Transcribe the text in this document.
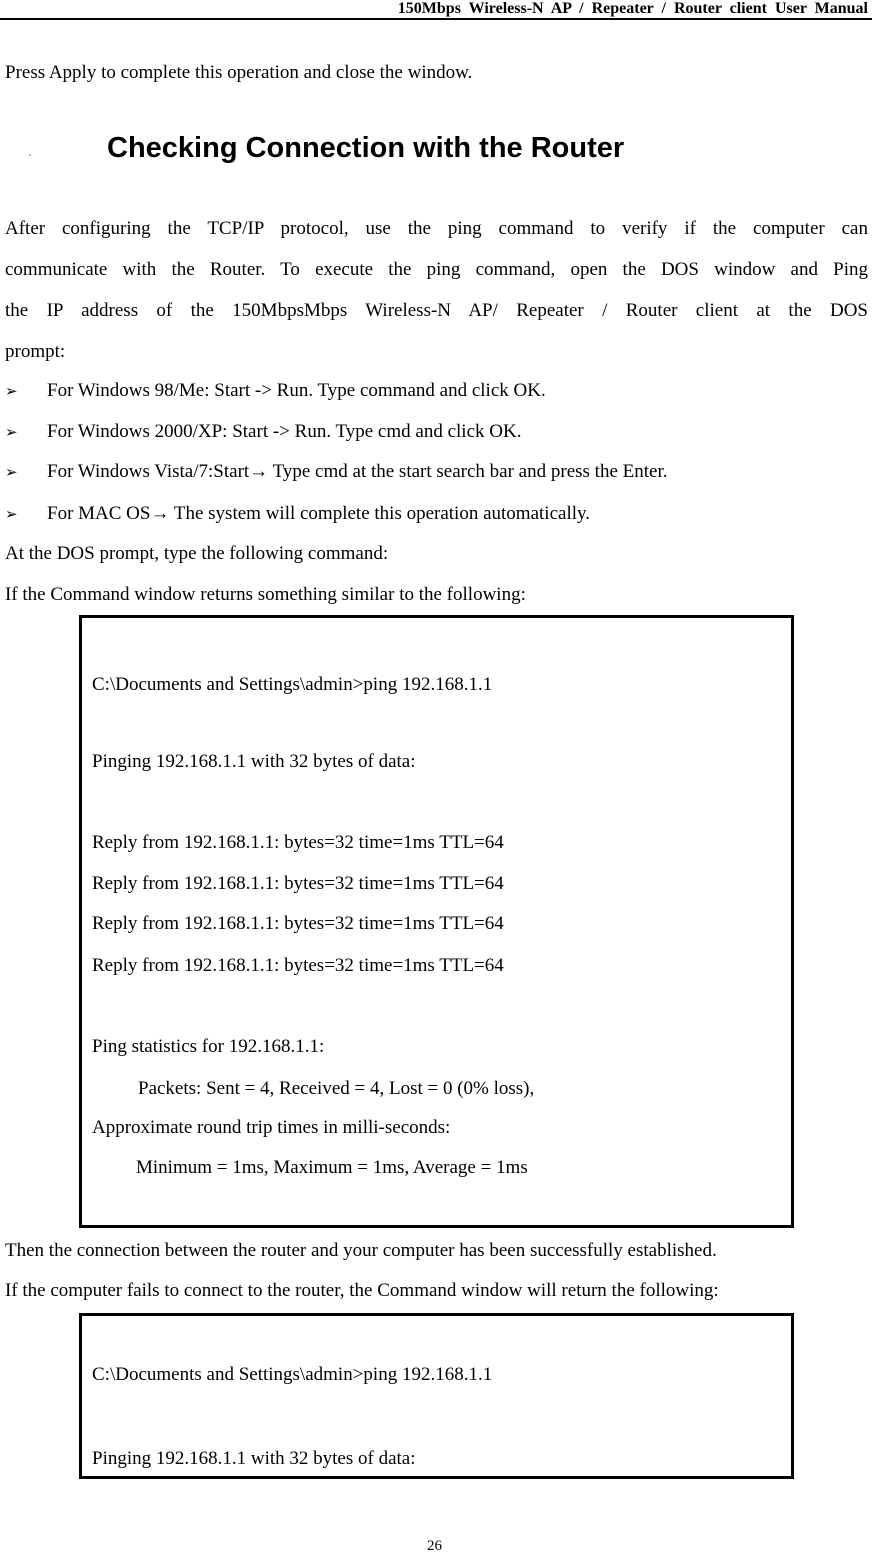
150Mbps Wireless-N AP / Repeater / Router client User Manual
Press Apply to complete this operation and close the window.
Checking Connection with the Router
After configuring the TCP/IP protocol, use the ping command to verify if the computer can
communicate with the Router. To execute the ping command, open the DOS window and Ping
the IP address of the 150MbpsMbps Wireless-N AP/ Repeater / Router client at the DOS
prompt:
➢ For Windows 98/Me: Start -> Run. Type command and click OK.
➢ For Windows 2000/XP: Start -> Run. Type cmd and click OK.
➢ For Windows Vista/7:Start→ Type cmd at the start search bar and press the Enter.
➢ For MAC OS→ The system will complete this operation automatically.
At the DOS prompt, type the following command:
If the Command window returns something similar to the following:
C:\Documents and Settings\admin>ping 192.168.1.1
Pinging 192.168.1.1 with 32 bytes of data:
Reply from 192.168.1.1: bytes=32 time=1ms TTL=64
Reply from 192.168.1.1: bytes=32 time=1ms TTL=64
Reply from 192.168.1.1: bytes=32 time=1ms TTL=64
Reply from 192.168.1.1: bytes=32 time=1ms TTL=64
Ping statistics for 192.168.1.1:
Packets: Sent = 4, Received = 4, Lost = 0 (0% loss),
Approximate round trip times in milli-seconds:
Minimum = 1ms, Maximum = 1ms, Average = 1ms
Then the connection between the router and your computer has been successfully established.
If the computer fails to connect to the router, the Command window will return the following:
C:\Documents and Settings\admin>ping 192.168.1.1
Pinging 192.168.1.1 with 32 bytes of data:
26
